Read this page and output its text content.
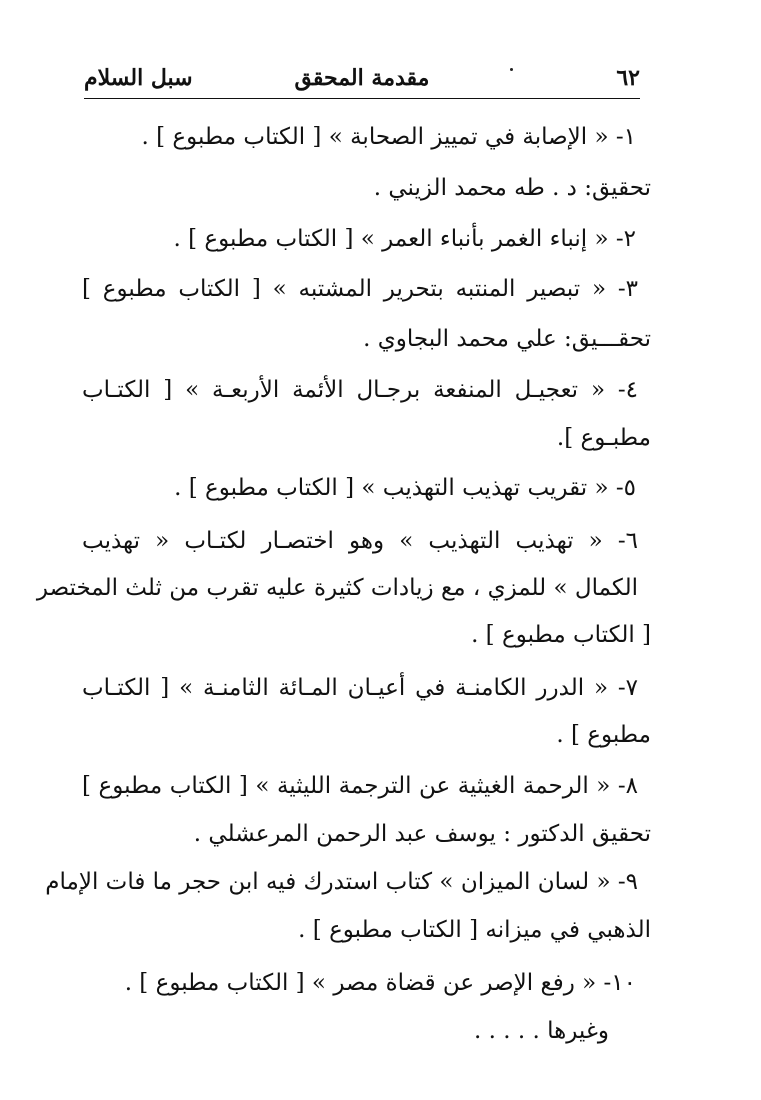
٦٢
مقدمة المحقق
سبل السلام
١- « الإصابة في تمييز الصحابة » [ الكتاب مطبوع ] .
تحقيق: د . طه محمد الزيني .
٢- « إنباء الغمر بأنباء العمر » [ الكتاب مطبوع ] .
٣- « تبصير المنتبه بتحرير المشتبه » [ الكتاب مطبوع ]
تحقـــيق: علي محمد البجاوي .
٤- « تعجيـل المنفعة برجـال الأئمة الأربعـة » [ الكتـاب
مطبـوع ].
٥- « تقريب تهذيب التهذيب » [ الكتاب مطبوع ] .
٦- « تهذيب التهذيب » وهو اختصـار لكتـاب « تهذيب
الكمال » للمزي ، مع زيادات كثيرة عليه تقرب من ثلث المختصر
[ الكتاب مطبوع ] .
٧- « الدرر الكامنـة في أعيـان المـائة الثامنـة » [ الكتـاب
مطبوع ] .
٨- « الرحمة الغيثية عن الترجمة الليثية » [ الكتاب مطبوع ]
تحقيق الدكتور : يوسف عبد الرحمن المرعشلي .
٩- « لسان الميزان » كتاب استدرك فيه ابن حجر ما فات الإمام
الذهبي في ميزانه [ الكتاب مطبوع ] .
١٠- « رفع الإصر عن قضاة مصر » [ الكتاب مطبوع ] .
وغيرها . . . . .
